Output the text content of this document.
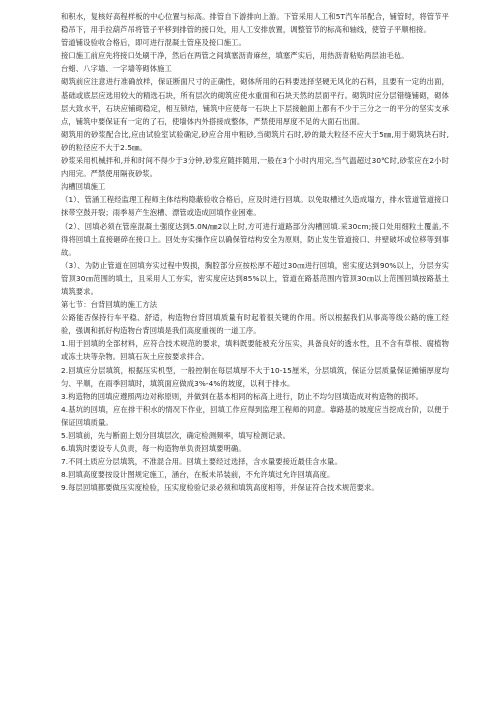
和积水，复核好高程样板的中心位置与标高。排管自下游排向上游。下管采用人工和5T汽车吊配合，铺管时，将管节平稳吊下，用手拉葫芦吊将管子平移到排管的接口处，用人工安排放置，调整管节的标高和轴线，使管子平顺相接。

管道铺设验收合格后，即可进行混凝土管座及接口施工。

接口施工前应先将接口处刷干净，然后在两管之间填塞沥青麻丝，填塞严实后，用热沥青粘贴两层油毛毡。

台蜡、八字墙、一字墙等砌体施工

砌筑前应注意进行准确放样，保证断面尺寸的正确性，砌体所用的石料要选择坚硬无风化的石料，且要有一定的出面，基础或底层应选用较大的精选石块，所有层次的砌筑应使水重面和石块天然的层面平行。砌筑时应分层错缝铺砌，砌体层大致水平，石块应铺砌稳定，相互锁结，铺筑中应使每一石块上下层接触面上都有不少于三分之一的平分的坚实支承点，铺筑中要保证有一定的了石，使墙体内外搭接成整体，严禁使用厚度不足的大面石出面。

砌筑用的砂浆配合比,应由试验室试验确定,砂应合用中粗砂,当砌筑片石时,砂的最大粒径不应大于5㎜,用于砌筑块石时,砂的粒径应不大于2.5㎜。

砂浆采用机械拌和,并和时间不得少于3分钟,砂浆应随拌随用,一般在3个小时内用完,当气温超过30℃时,砂浆应在2小时内用完。严禁使用隔夜砂浆。

沟槽回填施工

（1）、管涵工程经监理工程师主体结构隐蔽验收合格后，应及时进行回填。以免取槽过久造成塌方，排水管道管道接口抹带空鼓开裂；雨季易产生泡槽、漂管或造成回填作业困难。

（2）、回填必须在管座混凝土强度达到5.0N/㎜2以上时,方可进行道路部分沟槽回填.采30cm;接口处用细粒土覆盖,不得将回填土直接砸碎在接口上。回处夯实操作应以确保管结构安全为原则，防止发生管道接口、井壁破坏或位移等到事故。

（3）、为防止管道在回填夯实过程中毁损，胸腔部分应按松厚不超过30㎝进行回填，密实度达到90%以上，分层夯实管顶30㎝范围的填土，且采用人工夯实，密实度应达到85%以上，管道在路基范围内管顶30㎝以上范围回填按路基土填筑要求。

第七节：台背回填的施工方法

公路能否保持行车平稳、舒适，构造物台背回填质量有时起着很关键的作用。所以根据我们从事高等级公路的施工经验，强调和抓好构造物台背回填是我们高度重视的一道工序。

1.用于回填的全部材料，应符合技术规范的要求，填料既要能被充分压实，具备良好的透水性，且不含有草根、腐植物或冻土块等杂物。回填石灰土应按要求拌合。

2.回填应分层填筑，根据压实机型，一般控制在每层填厚不大于10-15厘米，分层填筑，保证分层质量保证摊铺厚度均匀、平顺，在雨季回填时，填筑面应做成3%-4%的坡度，以利于排水。

3.构造物的回填应遵照两边对称原则，并做到在基本相同的标高上进行，防止不均匀回填造成对构造物的损坏。

4.基坑的回填，应在排干积水的情况下作业，回填工作应得到监理工程师的同意。靠路基的坡度应当挖成台阶，以便于保证回填质量。

5.回填前，先与断面上划分回填层次，确定检测频率，填写检测记录。

6.填筑时要设专人负责，每一构造物单负责回填要明确。

7.不同土质应分层填筑，不准混合用。回填土要经过选择，含水量要接近最佳含水量。

8.回填高度要按设计图规定施工，涵台，在板未吊装前，不允许填过允许回填高度。

9.每层回填都要做压实度检验，压实度检验记录必须和填筑高度相等，并保证符合技术规范要求。
